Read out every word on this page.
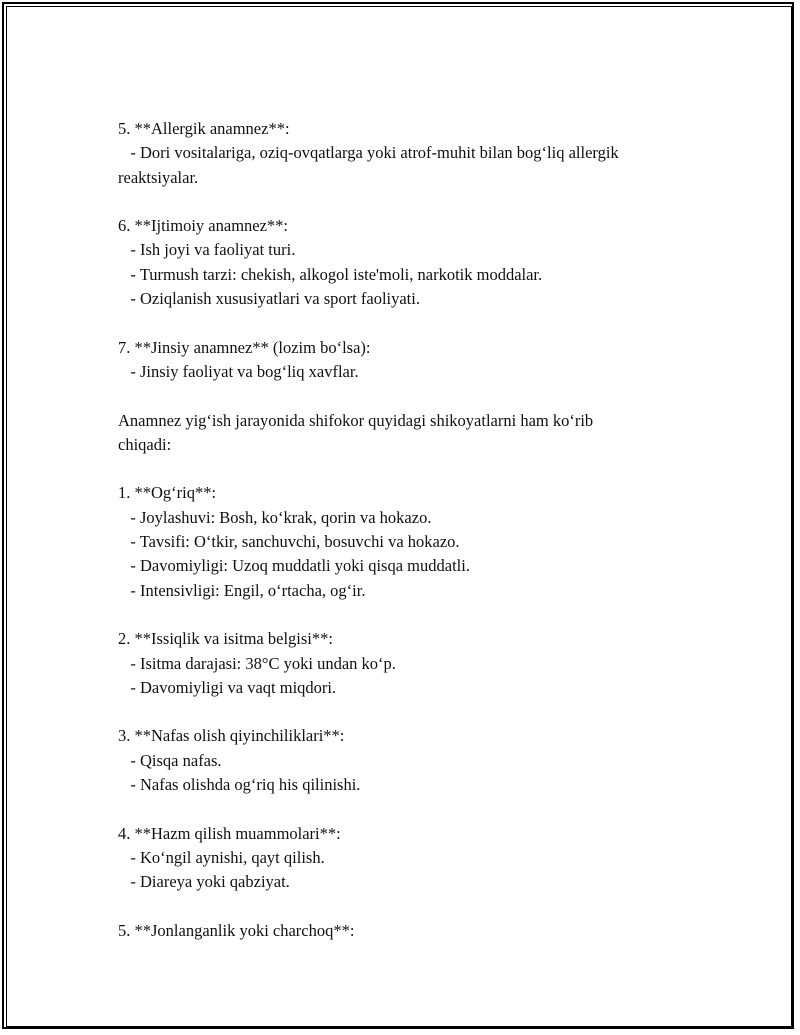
5. **Allergik anamnez**:
- Dori vositalariga, oziq-ovqatlarga yoki atrof-muhit bilan bog‘liq allergik
reaktsiyalar.
6. **Ijtimoiy anamnez**:
- Ish joyi va faoliyat turi.
- Turmush tarzi: chekish, alkogol iste'moli, narkotik moddalar.
- Oziqlanish xususiyatlari va sport faoliyati.
7. **Jinsiy anamnez** (lozim bo‘lsa):
- Jinsiy faoliyat va bog‘liq xavflar.
Anamnez yig‘ish jarayonida shifokor quyidagi shikoyatlarni ham ko‘rib
chiqadi:
1. **Og‘riq**:
- Joylashuvi: Bosh, ko‘krak, qorin va hokazo.
- Tavsifi: O‘tkir, sanchuvchi, bosuvchi va hokazo.
- Davomiyligi: Uzoq muddatli yoki qisqa muddatli.
- Intensivligi: Engil, o‘rtacha, og‘ir.
2. **Issiqlik va isitma belgisi**:
- Isitma darajasi: 38°C yoki undan ko‘p.
- Davomiyligi va vaqt miqdori.
3. **Nafas olish qiyinchiliklari**:
- Qisqa nafas.
- Nafas olishda og‘riq his qilinishi.
4. **Hazm qilish muammolari**:
- Ko‘ngil aynishi, qayt qilish.
- Diareya yoki qabziyat.
5. **Jonlanganlik yoki charchoq**:
